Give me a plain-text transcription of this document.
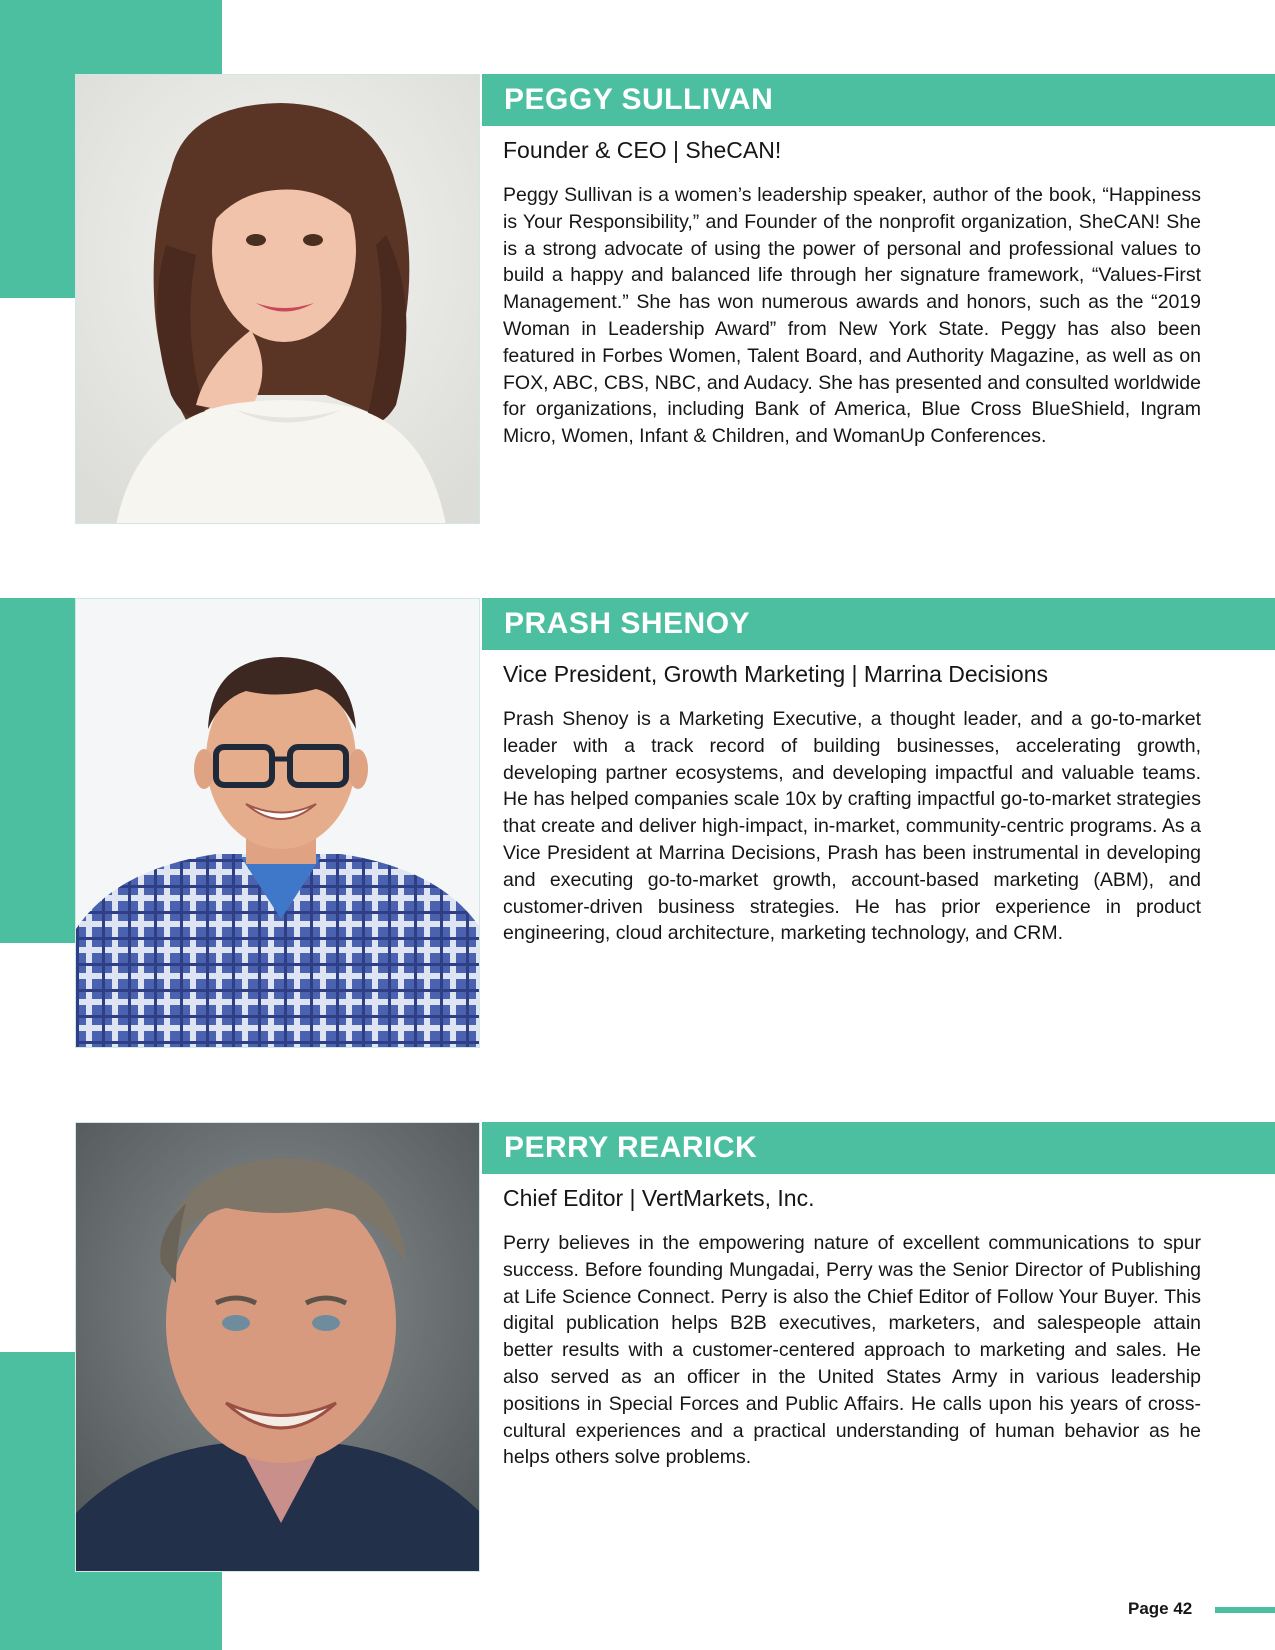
PEGGY SULLIVAN
Founder & CEO | SheCAN!

Peggy Sullivan is a women’s leadership speaker, author of the book, “Happiness is Your Responsibility,” and Founder of the nonprofit organization, SheCAN! She is a strong advocate of using the power of personal and professional values to build a happy and balanced life through her signature framework, “Values-First Management.” She has won numerous awards and honors, such as the “2019 Woman in Leadership Award” from New York State. Peggy has also been featured in Forbes Women, Talent Board, and Authority Magazine, as well as on FOX, ABC, CBS, NBC, and Audacy. She has presented and consulted worldwide for organizations, including Bank of America, Blue Cross BlueShield, Ingram Micro, Women, Infant & Children, and WomanUp Conferences.

PRASH SHENOY
Vice President, Growth Marketing | Marrina Decisions

Prash Shenoy is a Marketing Executive, a thought leader, and a go-to-market leader with a track record of building businesses, accelerating growth, developing partner ecosystems, and developing impactful and valuable teams. He has helped companies scale 10x by crafting impactful go-to-market strategies that create and deliver high-impact, in-market, community-centric programs. As a Vice President at Marrina Decisions, Prash has been instrumental in developing and executing go-to-market growth, account-based marketing (ABM), and customer-driven business strategies. He has prior experience in product engineering, cloud architecture, marketing technology, and CRM.

PERRY REARICK
Chief Editor | VertMarkets, Inc.

Perry believes in the empowering nature of excellent communications to spur success. Before founding Mungadai, Perry was the Senior Director of Publishing at Life Science Connect. Perry is also the Chief Editor of Follow Your Buyer. This digital publication helps B2B executives, marketers, and salespeople attain better results with a customer-centered approach to marketing and sales. He also served as an officer in the United States Army in various leadership positions in Special Forces and Public Affairs. He calls upon his years of cross-cultural experiences and a practical understanding of human behavior as he helps others solve problems.

Page 42
